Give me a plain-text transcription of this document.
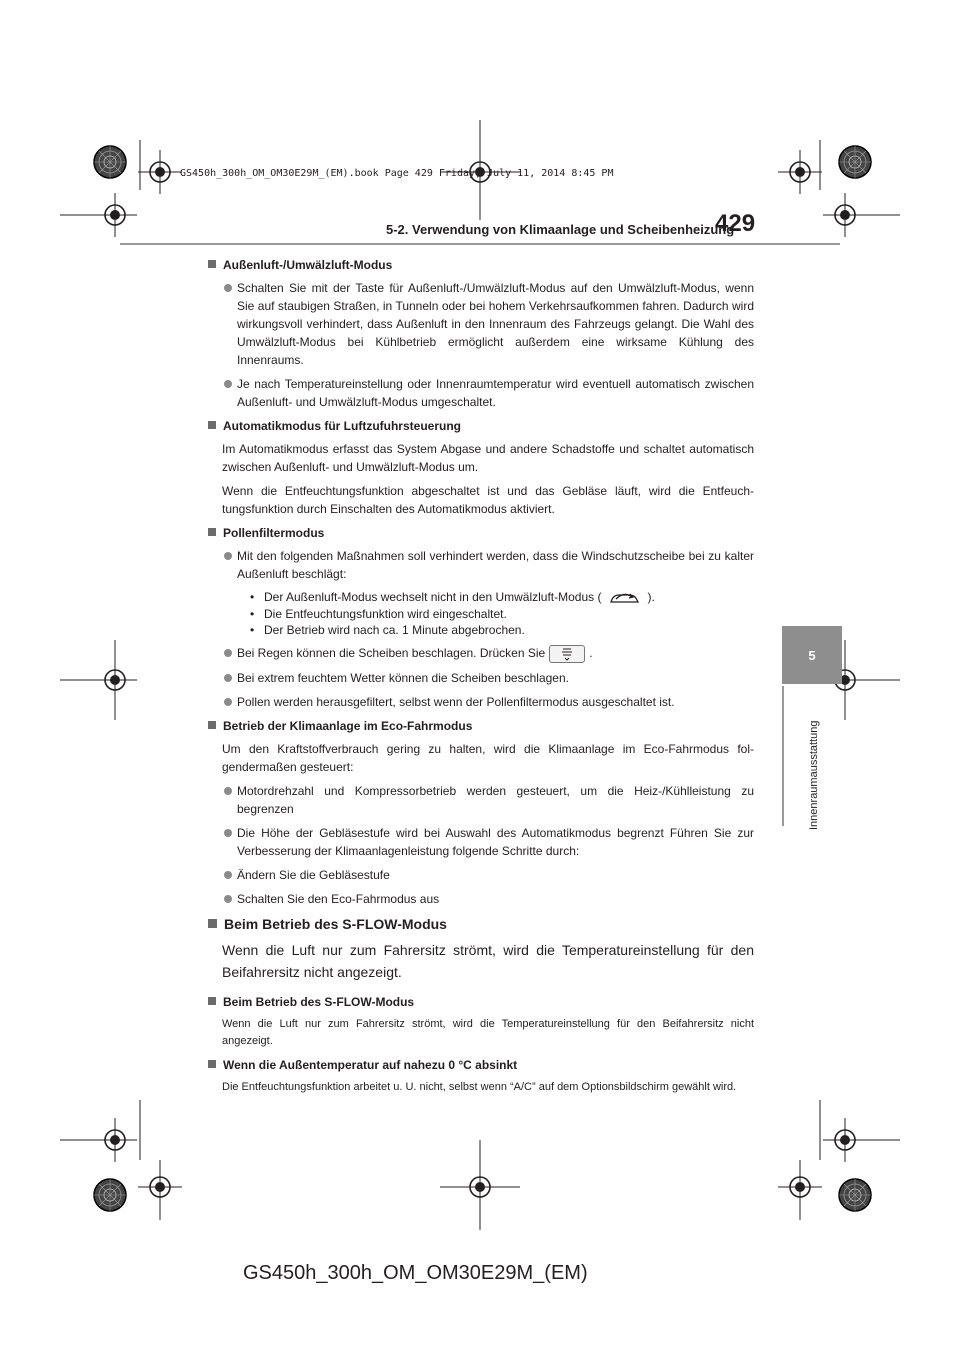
GS450h_300h_OM_OM30E29M_(EM).book Page 429 Friday, July 11, 2014 8:45 PM
5-2. Verwendung von Klimaanlage und Scheibenheizung
429
5
Innenraumausstattung
Außenluft-/Umwälzluft-Modus
Schalten Sie mit der Taste für Außenluft-/Umwälzluft-Modus auf den Umwälzluft-Modus, wenn Sie auf staubigen Straßen, in Tunneln oder bei hohem Verkehrsaufkommen fahren. Dadurch wird wirkungsvoll verhindert, dass Außenluft in den Innenraum des Fahrzeugs gelangt. Die Wahl des Umwälzluft-Modus bei Kühlbetrieb ermöglicht außerdem eine wirksame Kühlung des Innenraums.
Je nach Temperatureinstellung oder Innenraumtemperatur wird eventuell automatisch zwischen Außenluft- und Umwälzluft-Modus umgeschaltet.
Automatikmodus für Luftzufuhrsteuerung
Im Automatikmodus erfasst das System Abgase und andere Schadstoffe und schaltet automatisch zwischen Außenluft- und Umwälzluft-Modus um.
Wenn die Entfeuchtungsfunktion abgeschaltet ist und das Gebläse läuft, wird die Entfeuchtungsfunktion durch Einschalten des Automatikmodus aktiviert.
Pollenfiltermodus
Mit den folgenden Maßnahmen soll verhindert werden, dass die Windschutzscheibe bei zu kalter Außenluft beschlägt:
• Der Außenluft-Modus wechselt nicht in den Umwälzluft-Modus (	).
• Die Entfeuchtungsfunktion wird eingeschaltet.
• Der Betrieb wird nach ca. 1 Minute abgebrochen.
Bei Regen können die Scheiben beschlagen. Drücken Sie	.
Bei extrem feuchtem Wetter können die Scheiben beschlagen.
Pollen werden herausgefiltert, selbst wenn der Pollenfiltermodus ausgeschaltet ist.
Betrieb der Klimaanlage im Eco-Fahrmodus
Um den Kraftstoffverbrauch gering zu halten, wird die Klimaanlage im Eco-Fahrmodus folgendermaßen gesteuert:
Motordrehzahl und Kompressorbetrieb werden gesteuert, um die Heiz-/Kühlleistung zu begrenzen
Die Höhe der Gebläsestufe wird bei Auswahl des Automatikmodus begrenzt Führen Sie zur Verbesserung der Klimaanlagenleistung folgende Schritte durch:
Ändern Sie die Gebläsestufe
Schalten Sie den Eco-Fahrmodus aus
Beim Betrieb des S-FLOW-Modus
Wenn die Luft nur zum Fahrersitz strömt, wird die Temperatureinstellung für den Beifahrersitz nicht angezeigt.
Beim Betrieb des S-FLOW-Modus
Wenn die Luft nur zum Fahrersitz strömt, wird die Temperatureinstellung für den Beifahrersitz nicht angezeigt.
Wenn die Außentemperatur auf nahezu 0 °C absinkt
Die Entfeuchtungsfunktion arbeitet u. U. nicht, selbst wenn “A/C” auf dem Optionsbildschirm gewählt wird.
GS450h_300h_OM_OM30E29M_(EM)
